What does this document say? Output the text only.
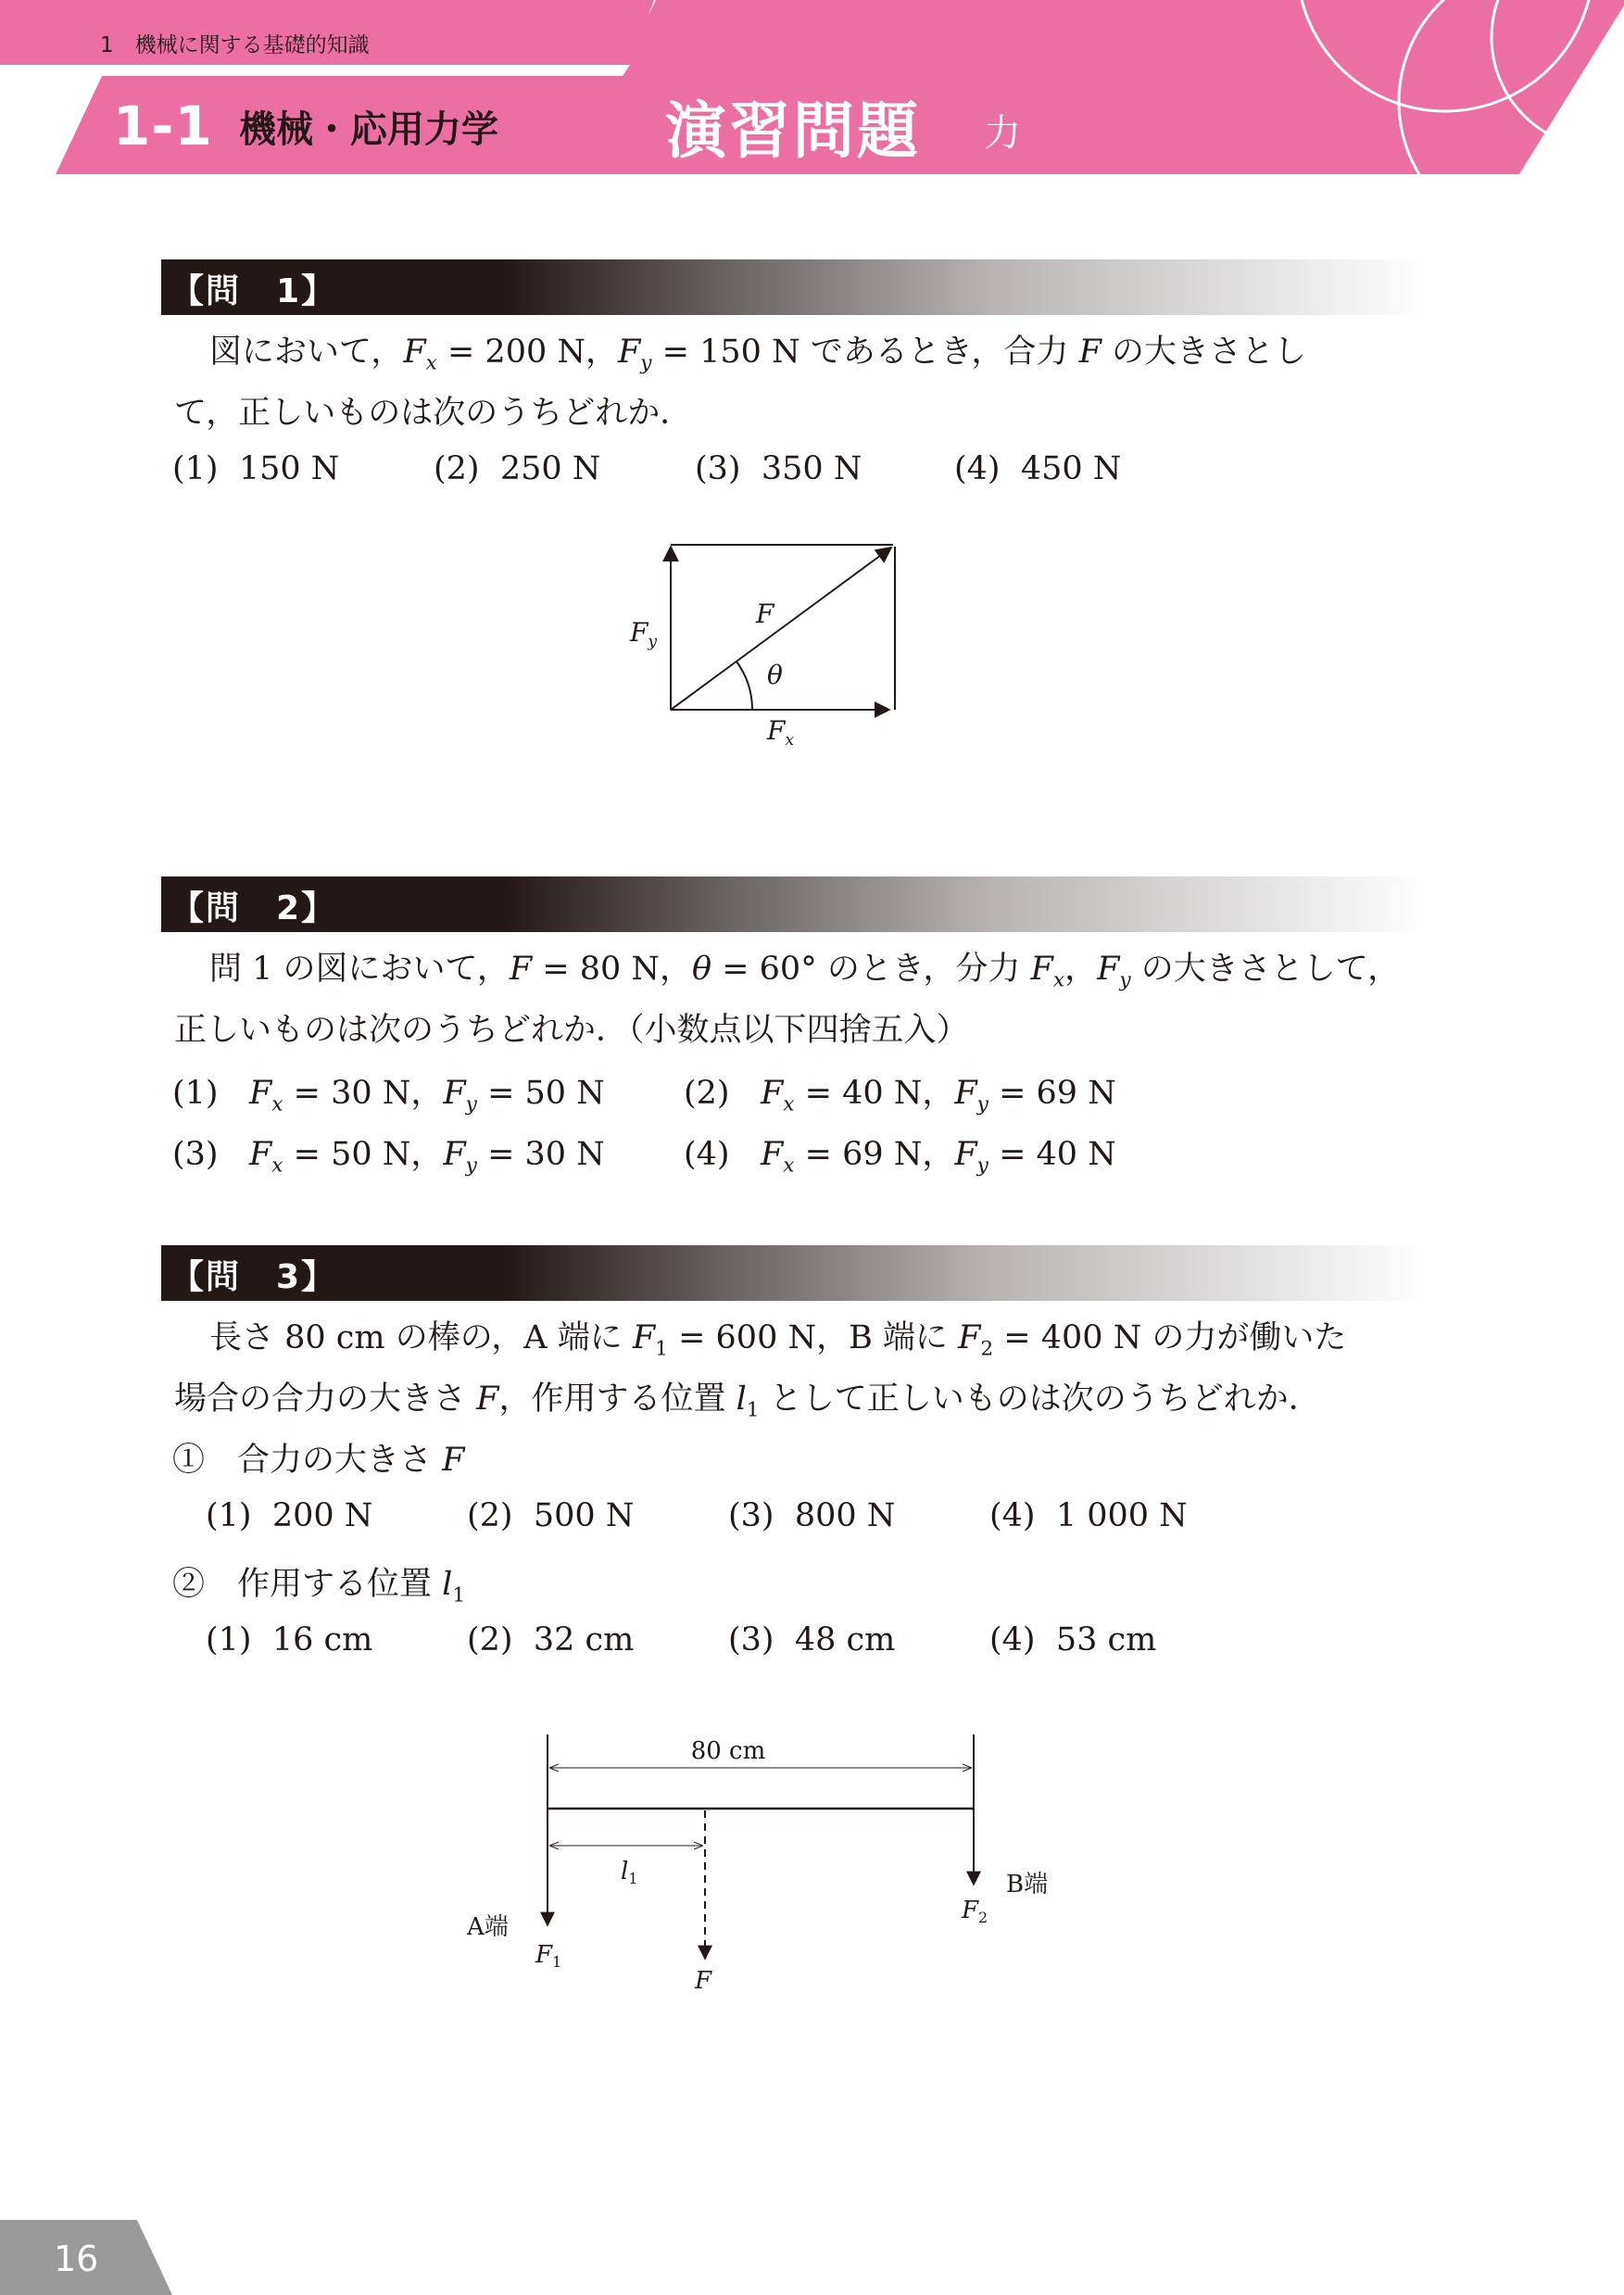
1　機械に関する基礎的知識
1-1 機械・応用力学	演習問題 力
【問　1】
図において，$F_x = 200$ N，$F_y = 150$ N であるとき，合力 F の大きさとし
て，正しいものは次のうちどれか．
(1) 150 N	(2) 250 N	(3) 350 N	(4) 450 N
F
$F_y$
θ
$F_x$
【問　2】
問 1 の図において，F = 80 N，θ = 60° のとき，分力 $F_x$，$F_y$ の大きさとして，
正しいものは次のうちどれか．（小数点以下四捨五入）
(1) $F_x = 30$ N，$F_y = 50$ N (2) $F_x = 40$ N，$F_y = 69$ N
(3) $F_x = 50$ N，$F_y = 30$ N (4) $F_x = 69$ N，$F_y = 40$ N
【問　3】
長さ 80 cm の棒の，A 端に $F_1 = 600$ N，B 端に $F_2 = 400$ N の力が働いた
場合の合力の大きさ F，作用する位置 $l_1$ として正しいものは次のうちどれか．
①　合力の大きさ F
(1) 200 N	(2) 500 N	(3) 800 N	(4) 1 000 N
②　作用する位置 $l_1$
(1) 16 cm	(2) 32 cm	(3) 48 cm	(4) 53 cm
80 cm
l1
A端
F1
B端
F2
F
16
